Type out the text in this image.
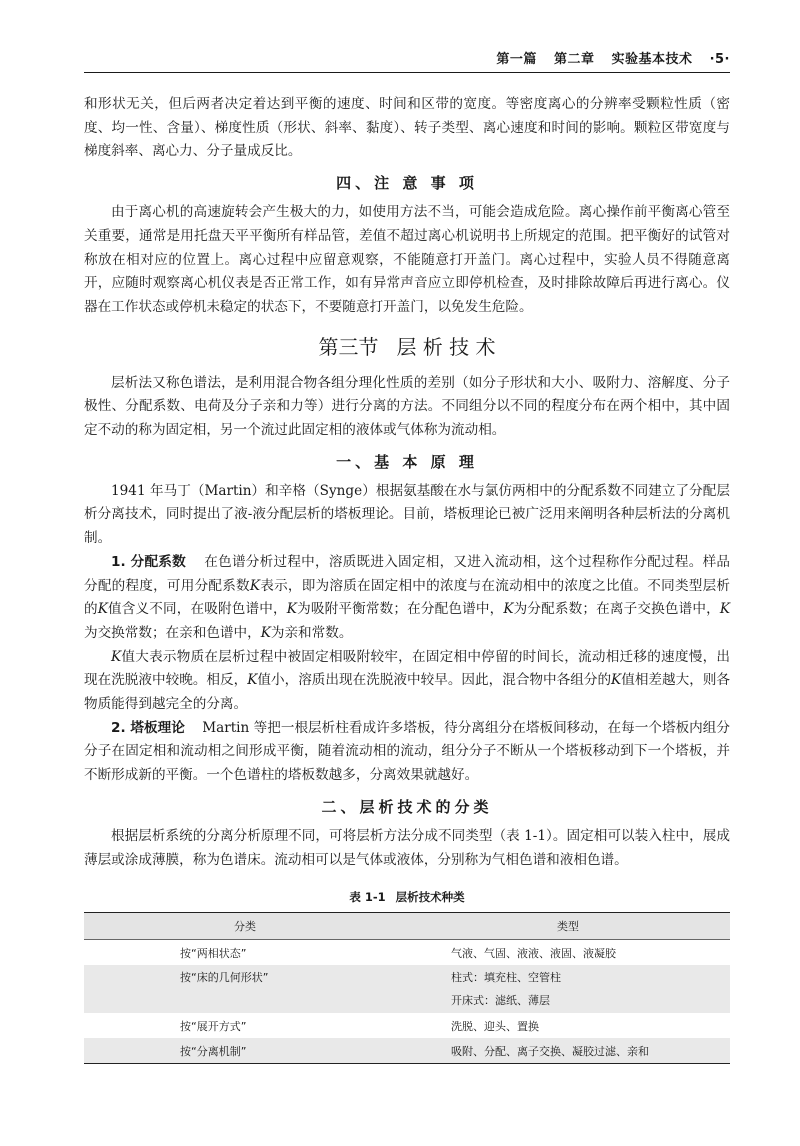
第一篇 第二章 实验基本技术 ·5·

和形状无关，但后两者决定着达到平衡的速度、时间和区带的宽度。等密度离心的分辨率受颗粒性质（密度、均一性、含量）、梯度性质（形状、斜率、黏度）、转子类型、离心速度和时间的影响。颗粒区带宽度与梯度斜率、离心力、分子量成反比。

四、注 意 事 项

由于离心机的高速旋转会产生极大的力，如使用方法不当，可能会造成危险。离心操作前平衡离心管至关重要，通常是用托盘天平平衡所有样品管，差值不超过离心机说明书上所规定的范围。把平衡好的试管对称放在相对应的位置上。离心过程中应留意观察，不能随意打开盖门。离心过程中，实验人员不得随意离开，应随时观察离心机仪表是否正常工作，如有异常声音应立即停机检查，及时排除故障后再进行离心。仪器在工作状态或停机未稳定的状态下，不要随意打开盖门，以免发生危险。

第三节 层 析 技 术

层析法又称色谱法，是利用混合物各组分理化性质的差别（如分子形状和大小、吸附力、溶解度、分子极性、分配系数、电荷及分子亲和力等）进行分离的方法。不同组分以不同的程度分布在两个相中，其中固定不动的称为固定相，另一个流过此固定相的液体或气体称为流动相。

一、基 本 原 理

1941 年马丁（Martin）和辛格（Synge）根据氨基酸在水与氯仿两相中的分配系数不同建立了分配层析分离技术，同时提出了液-液分配层析的塔板理论。目前，塔板理论已被广泛用来阐明各种层析法的分离机制。

1. 分配系数 在色谱分析过程中，溶质既进入固定相，又进入流动相，这个过程称作分配过程。样品分配的程度，可用分配系数K表示，即为溶质在固定相中的浓度与在流动相中的浓度之比值。不同类型层析的K值含义不同，在吸附色谱中，K为吸附平衡常数；在分配色谱中，K为分配系数；在离子交换色谱中，K为交换常数；在亲和色谱中，K为亲和常数。

K值大表示物质在层析过程中被固定相吸附较牢，在固定相中停留的时间长，流动相迁移的速度慢，出现在洗脱液中较晚。相反，K值小，溶质出现在洗脱液中较早。因此，混合物中各组分的K值相差越大，则各物质能得到越完全的分离。

2. 塔板理论 Martin 等把一根层析柱看成许多塔板，待分离组分在塔板间移动，在每一个塔板内组分分子在固定相和流动相之间形成平衡，随着流动相的流动，组分分子不断从一个塔板移动到下一个塔板，并不断形成新的平衡。一个色谱柱的塔板数越多，分离效果就越好。

二、层析技术的分类

根据层析系统的分离分析原理不同，可将层析方法分成不同类型（表 1-1）。固定相可以装入柱中，展成薄层或涂成薄膜，称为色谱床。流动相可以是气体或液体，分别称为气相色谱和液相色谱。

表 1-1 层析技术种类
分类	类型
按“两相状态”	气液、气固、液液、液固、液凝胶
按“床的几何形状”	柱式：填充柱、空管柱
开床式：滤纸、薄层

按“展开方式”	洗脱、迎头、置换
按“分离机制”	吸附、分配、离子交换、凝胶过滤、亲和
